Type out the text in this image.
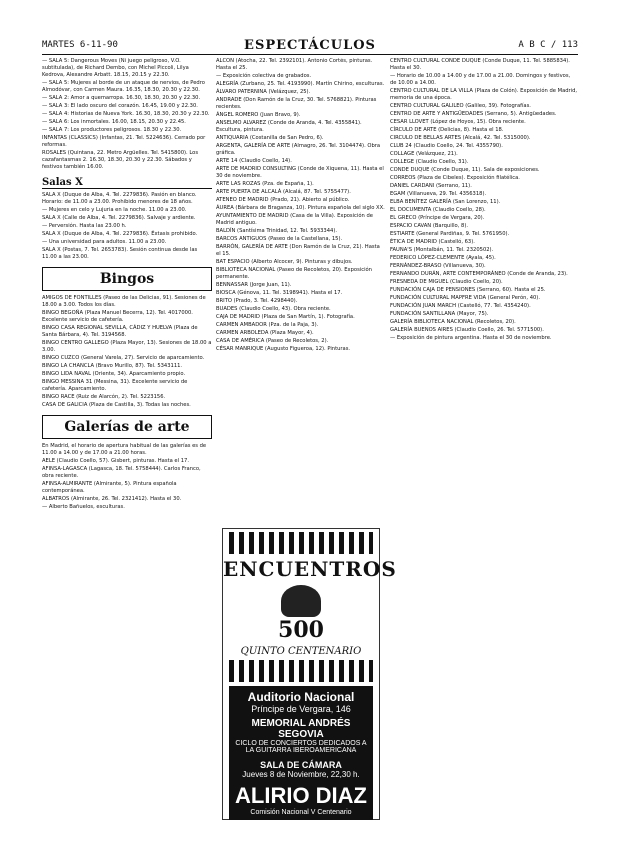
MARTES 6-11-90	ESPECTÁCULOS	A B C / 113

— SALA 5: Dangerous Moves (Ni juego peligroso, V.O. subtitulada), de Richard Dembo, con Michel Piccoli, Lilya Kedrova, Alexandre Arbatt. 18.15, 20.15 y 22.30.

— SALA 5: Mujeres al borde de un ataque de nervios, de Pedro Almodóvar, con Carmen Maura. 16.35, 18.30, 20.30 y 22.30.

— SALA 2: Amor a quemarropa. 16.30, 18.30, 20.30 y 22.30.

— SALA 3: El lado oscuro del corazón. 16.45, 19.00 y 22.30.

— SALA 4: Historias de Nueva York. 16.30, 18.30, 20.30 y 22.30.

— SALA 6: Los inmortales. 16.00, 18.15, 20.30 y 22.45.

— SALA 7: Los productores peligrosos. 18.30 y 22.30.

INFANTAS (CLASSICS) (Infantas, 21. Tel. 5224636). Cerrado por reformas.

ROSALES (Quintana, 22. Metro Argüelles. Tel. 5415800). Los cazafantasmas 2. 16.30, 18.30, 20.30 y 22.30. Sábados y festivos también 16.00.

Salas X

SALA X (Duque de Alba, 4. Tel. 2279836). Pasión en blanco. Horario: de 11.00 a 23.00. Prohibido menores de 18 años.

— Mujeres en celo y Lujuria en la noche. 11.00 a 23.00.

SALA X (Calle de Alba, 4. Tel. 2279836). Salvaje y ardiente.

— Perversión. Hasta las 23.00 h.

SALA X (Duque de Alba, 4. Tel. 2279836). Éxtasis prohibido.

— Una universidad para adultos. 11.00 a 23.00.

SALA X (Postas, 7. Tel. 2653783). Sesión continua desde las 11.00 a las 23.00.

Bingos

AMIGOS DE FONTILLES (Paseo de las Delicias, 91). Sesiones de 18.00 a 3.00. Todos los días.

BINGO BEGOÑA (Plaza Manuel Becerra, 12). Tel. 4017000. Excelente servicio de cafetería.

BINGO CASA REGIONAL SEVILLA, CÁDIZ Y HUELVA (Plaza de Santa Bárbara, 4). Tel. 3194568.

BINGO CENTRO GALLEGO (Plaza Mayor, 13). Sesiones de 18.00 a 3.00.

BINGO CUZCO (General Varela, 27). Servicio de aparcamiento.

BINGO LA CHANCLA (Bravo Murillo, 87). Tel. 5343111.

BINGO LIDA NAVAL (Oriente, 34). Aparcamiento propio.

BINGO MESSINA 31 (Messina, 31). Excelente servicio de cafetería. Aparcamiento.

BINGO RACE (Ruiz de Alarcón, 2). Tel. 5223156.

CASA DE GALICIA (Plaza de Castilla, 3). Todas las noches.

Galerías de arte

En Madrid, el horario de apertura habitual de las galerías es de 11.00 a 14.00 y de 17.00 a 21.00 horas.

AELE (Claudio Coello, 57). Gisbert, pinturas. Hasta el 17.

AFINSA-LAGASCA (Lagasca, 18. Tel. 5758444). Carlos Franco, obra reciente.

AFINSA-ALMIRANTE (Almirante, 5). Pintura española contemporánea.

ALBATROS (Almirante, 26. Tel. 2321412). Hasta el 30.

— Alberto Bañuelos, esculturas.

ALCON (Atocha, 22. Tel. 2392101). Antonio Cortés, pinturas. Hasta el 25.

— Exposición colectiva de grabados.

ALEGRÍA (Zurbano, 25. Tel. 4193990). Martín Chirino, esculturas.

ÁLVARO PATERNINA (Velázquez, 25).

ANDRADE (Don Ramón de la Cruz, 30. Tel. 5768821). Pinturas recientes.

ÁNGEL ROMERO (Juan Bravo, 9).

ANSELMO ALVAREZ (Conde de Aranda, 4. Tel. 4355841). Escultura, pintura.

ANTIQUARIA (Costanilla de San Pedro, 6).

ARGENTA, GALERÍA DE ARTE (Almagro, 26. Tel. 3104474). Obra gráfica.

ARTE 14 (Claudio Coello, 14).

ARTE DE MADRID CONSULTING (Conde de Xiquena, 11). Hasta el 30 de noviembre.

ARTE LAS ROZAS (Pza. de España, 1).

ARTE PUERTA DE ALCALÁ (Alcalá, 87. Tel. 5755477).

ATENEO DE MADRID (Prado, 21). Abierto al público.

ÁUREA (Bárbara de Braganza, 10). Pintura española del siglo XX.

AYUNTAMIENTO DE MADRID (Casa de la Villa). Exposición de Madrid antiguo.

BALDÍN (Santísima Trinidad, 12. Tel. 5933344).

BARCOS ANTIGUOS (Paseo de la Castellana, 15).

BARRÓN, GALERÍA DE ARTE (Don Ramón de la Cruz, 21). Hasta el 15.

BAT ESPACIO (Alberto Alcocer, 9). Pinturas y dibujos.

BIBLIOTECA NACIONAL (Paseo de Recoletos, 20). Exposición permanente.

BENNASSAR (Jorge Juan, 11).

BIOSCA (Génova, 11. Tel. 3198941). Hasta el 17.

BRITO (Prado, 3. Tel. 4298440).

BUADES (Claudio Coello, 43). Obra reciente.

CAJA DE MADRID (Plaza de San Martín, 1). Fotografía.

CARMEN AMBADOR (Pza. de la Paja, 3).

CARMEN ARBOLEDA (Plaza Mayor, 4).

CASA DE AMÉRICA (Paseo de Recoletos, 2).

CÉSAR MANRIQUE (Augusto Figueroa, 12). Pinturas.

ENCUENTROS
500
QUINTO CENTENARIO
Auditorio Nacional
Príncipe de Vergara, 146
MEMORIAL ANDRÉS SEGOVIA
CICLO DE CONCIERTOS DEDICADOS A LA GUITARRA IBEROAMERICANA
SALA DE CÁMARA
Jueves 8 de Noviembre, 22,30 h.
ALIRIO DIAZ
Comisión Nacional V Centenario

CENTRO CULTURAL CONDE DUQUE (Conde Duque, 11. Tel. 5885834). Hasta el 30.

— Horario de 10.00 a 14.00 y de 17.00 a 21.00. Domingos y festivos, de 10.00 a 14.00.

CENTRO CULTURAL DE LA VILLA (Plaza de Colón). Exposición de Madrid, memoria de una época.

CENTRO CULTURAL GALILEO (Galileo, 39). Fotografías.

CENTRO DE ARTE Y ANTIGÜEDADES (Serrano, 5). Antigüedades.

CESAR LLOVET (López de Hoyos, 15). Obra reciente.

CÍRCULO DE ARTE (Delicias, 8). Hasta el 18.

CIRCULO DE BELLAS ARTES (Alcalá, 42. Tel. 5315000).

CLUB 24 (Claudio Coello, 24. Tel. 4355790).

COLLAGE (Velázquez, 21).

COLLEGE (Claudio Coello, 31).

CONDE DUQUE (Conde Duque, 11). Sala de exposiciones.

CORREOS (Plaza de Cibeles). Exposición filatélica.

DANIEL CARDANI (Serrano, 11).

EGAM (Villanueva, 29. Tel. 4356318).

ELBA BENÍTEZ GALERÍA (San Lorenzo, 11).

EL DOCUMENTA (Claudio Coello, 28).

EL GRECO (Príncipe de Vergara, 20).

ESPACIO CAVAN (Barquillo, 8).

ESTIARTE (General Pardiñas, 9. Tel. 5761950).

ÉTICA DE MADRID (Castelló, 63).

FAUNA'S (Montalbán, 11. Tel. 2320502).

FEDERICO LÓPEZ-CLEMENTE (Ayala, 45).

FERNÁNDEZ-BRASO (Villanueva, 30).

FERNANDO DURÁN, ARTE CONTEMPORÁNEO (Conde de Aranda, 23).

FRESNEDA DE MIGUEL (Claudio Coello, 20).

FUNDACIÓN CAJA DE PENSIONES (Serrano, 60). Hasta el 25.

FUNDACIÓN CULTURAL MAPFRE VIDA (General Perón, 40).

FUNDACIÓN JUAN MARCH (Castelló, 77. Tel. 4354240).

FUNDACIÓN SANTILLANA (Mayor, 75).

GALERÍA BIBLIOTECA NACIONAL (Recoletos, 20).

GALERÍA BUENOS AIRES (Claudio Coello, 26. Tel. 5771500).

— Exposición de pintura argentina. Hasta el 30 de noviembre.
